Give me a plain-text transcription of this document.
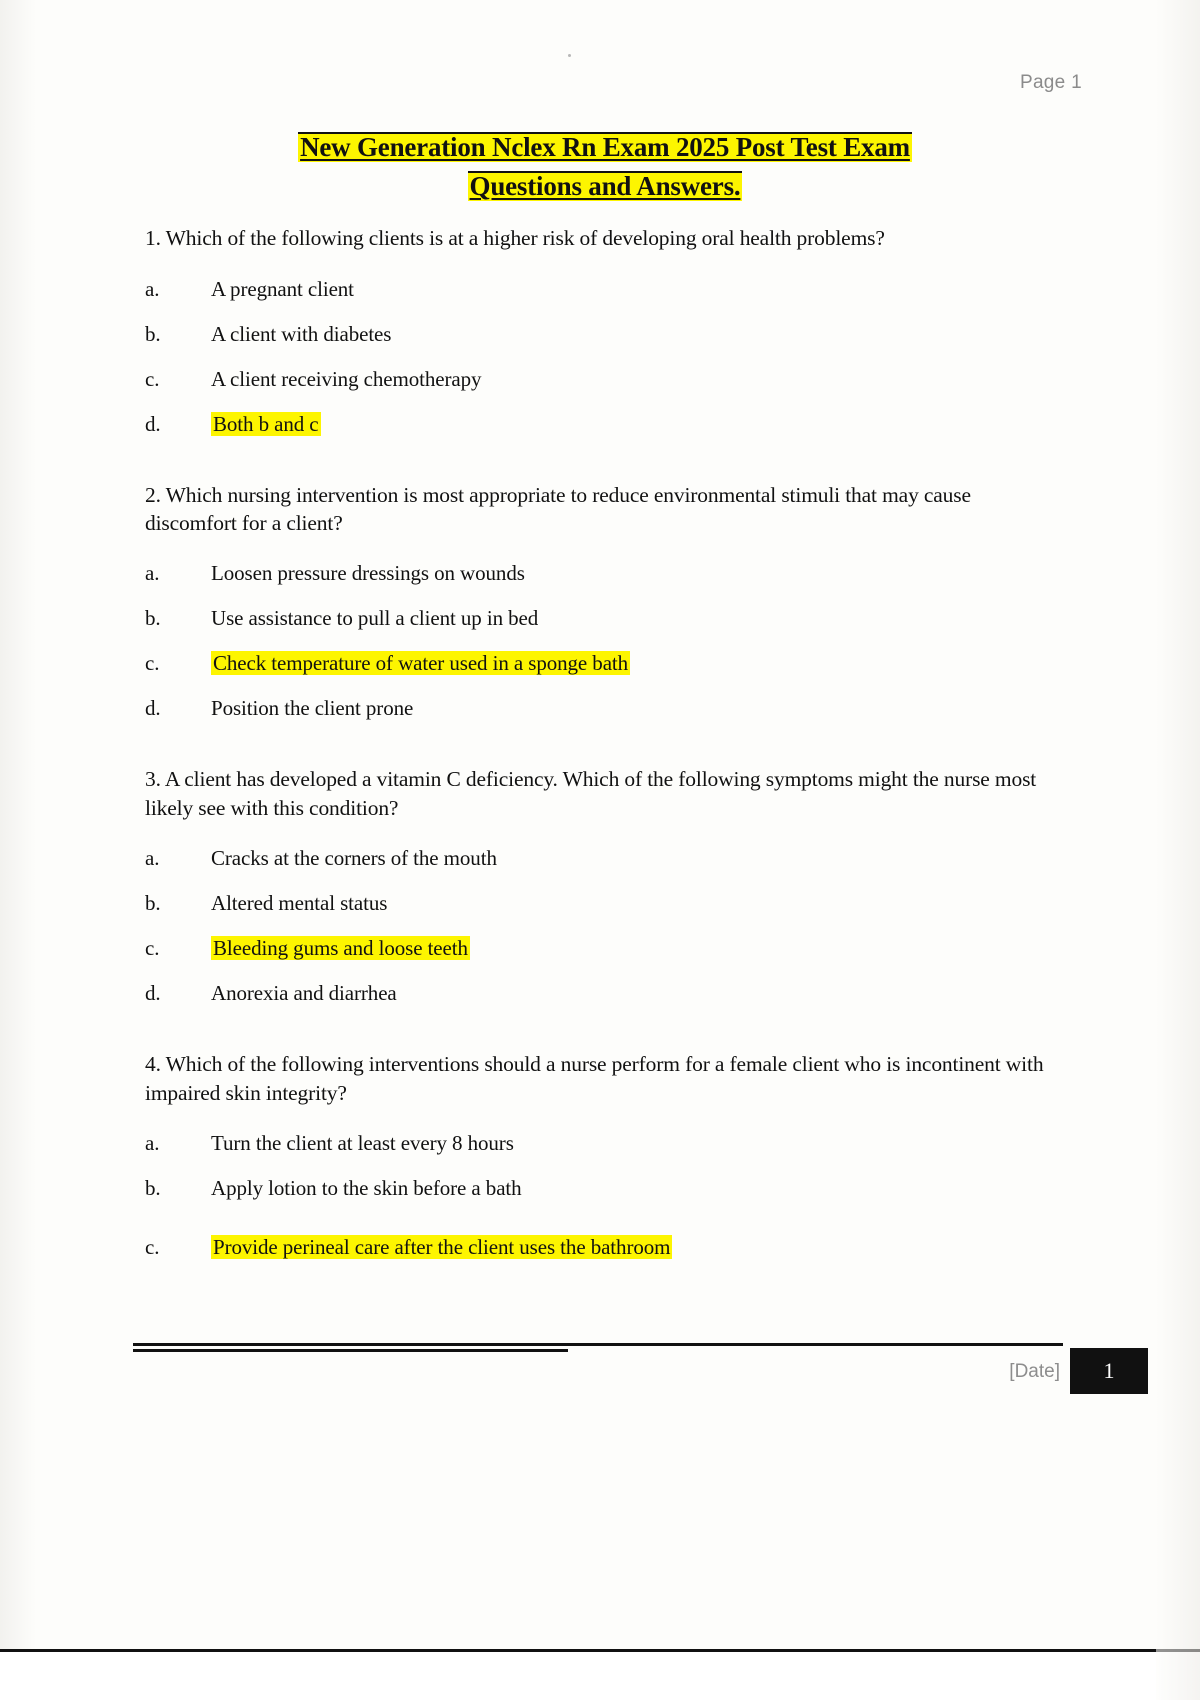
Page 1
New Generation Nclex Rn Exam 2025 Post Test Exam
Questions and Answers.

1. Which of the following clients is at a higher risk of developing oral health problems?

a.	A pregnant client
b.	A client with diabetes
c.	A client receiving chemotherapy
d.	Both b and c

2. Which nursing intervention is most appropriate to reduce environmental stimuli that may cause discomfort for a client?

a.	Loosen pressure dressings on wounds
b.	Use assistance to pull a client up in bed
c.	Check temperature of water used in a sponge bath
d.	Position the client prone

3. A client has developed a vitamin C deficiency. Which of the following symptoms might the nurse most likely see with this condition?

a.	Cracks at the corners of the mouth
b.	Altered mental status
c.	Bleeding gums and loose teeth
d.	Anorexia and diarrhea

4. Which of the following interventions should a nurse perform for a female client who is incontinent with impaired skin integrity?

a.	Turn the client at least every 8 hours
b.	Apply lotion to the skin before a bath
c.	Provide perineal care after the client uses the bathroom
[Date]	1
